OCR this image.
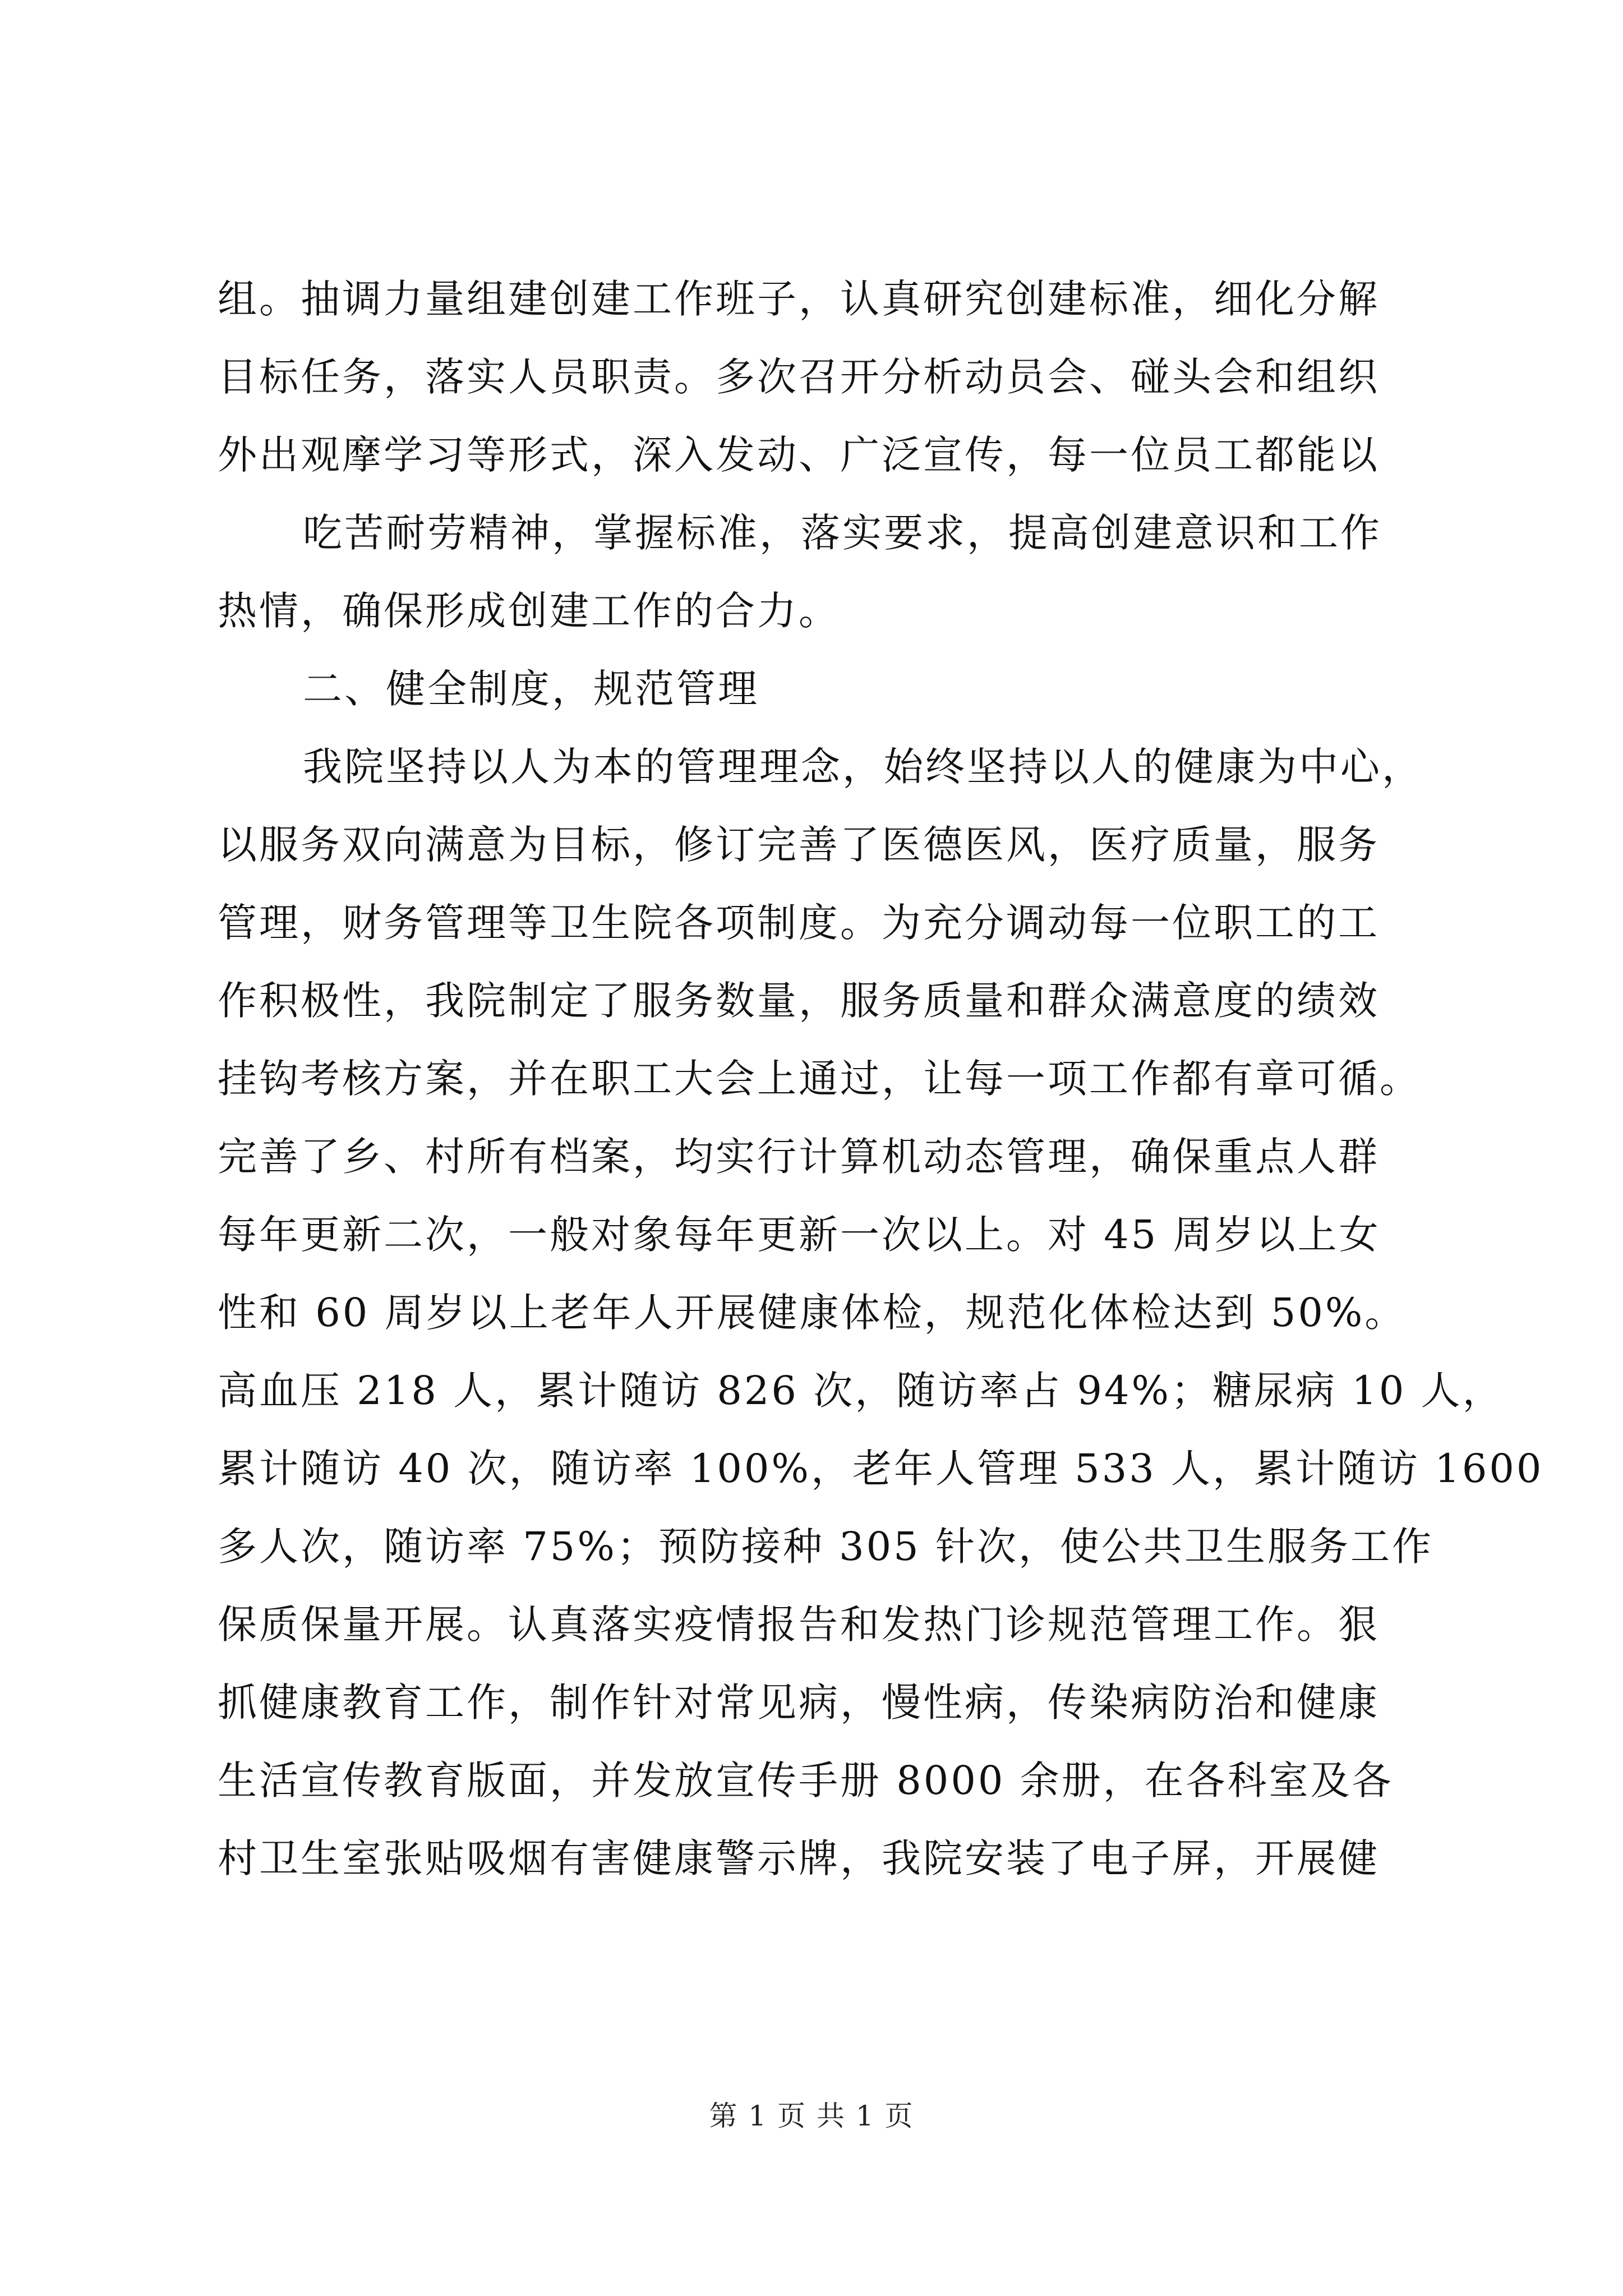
组。抽调力量组建创建工作班子，认真研究创建标准，细化分解
目标任务，落实人员职责。多次召开分析动员会、碰头会和组织
外出观摩学习等形式，深入发动、广泛宣传，每一位员工都能以
吃苦耐劳精神，掌握标准，落实要求，提高创建意识和工作
热情，确保形成创建工作的合力。
二、健全制度，规范管理
我院坚持以人为本的管理理念，始终坚持以人的健康为中心，
以服务双向满意为目标，修订完善了医德医风，医疗质量，服务
管理，财务管理等卫生院各项制度。为充分调动每一位职工的工
作积极性，我院制定了服务数量，服务质量和群众满意度的绩效
挂钩考核方案，并在职工大会上通过，让每一项工作都有章可循。
完善了乡、村所有档案，均实行计算机动态管理，确保重点人群
每年更新二次，一般对象每年更新一次以上。对 45 周岁以上女
性和 60 周岁以上老年人开展健康体检，规范化体检达到 50%。
高血压 218 人，累计随访 826 次，随访率占 94%；糖尿病 10 人，
累计随访 40 次，随访率 100%，老年人管理 533 人，累计随访 1600
多人次，随访率 75%；预防接种 305 针次，使公共卫生服务工作
保质保量开展。认真落实疫情报告和发热门诊规范管理工作。狠
抓健康教育工作，制作针对常见病，慢性病，传染病防治和健康
生活宣传教育版面，并发放宣传手册 8000 余册，在各科室及各
村卫生室张贴吸烟有害健康警示牌，我院安装了电子屏，开展健
第 1 页 共 1 页
